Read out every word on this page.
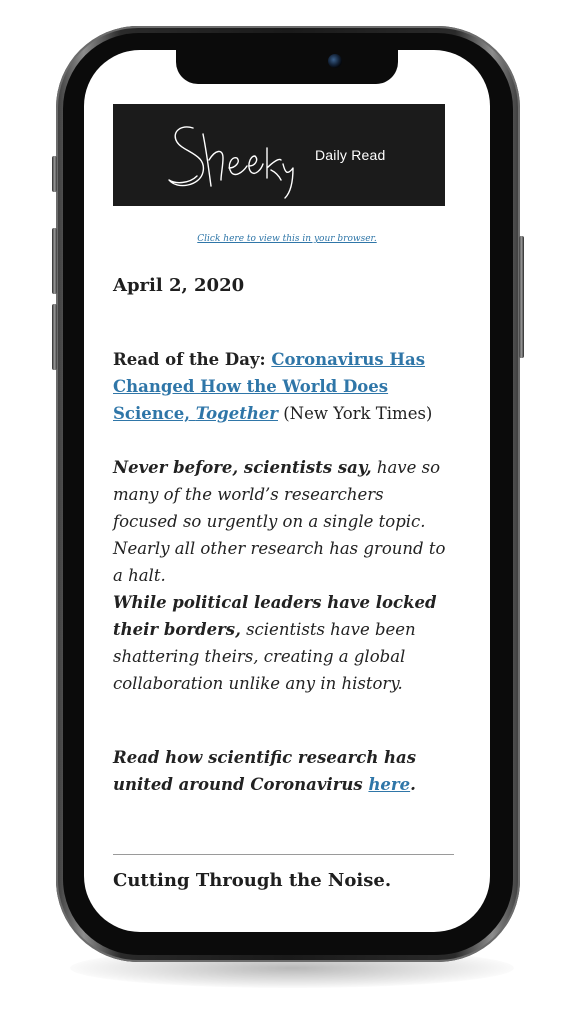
Daily Read
Click here to view this in your browser.
April 2, 2020
Read of the Day: Coronavirus Has Changed How the World Does Science, Together (New York Times)
Never before, scientists say, have so many of the world’s researchers focused so urgently on a single topic. Nearly all other research has ground to a halt.
While political leaders have locked their borders, scientists have been shattering theirs, creating a global collaboration unlike any in history.
Read how scientific research has united around Coronavirus here.
Cutting Through the Noise.
